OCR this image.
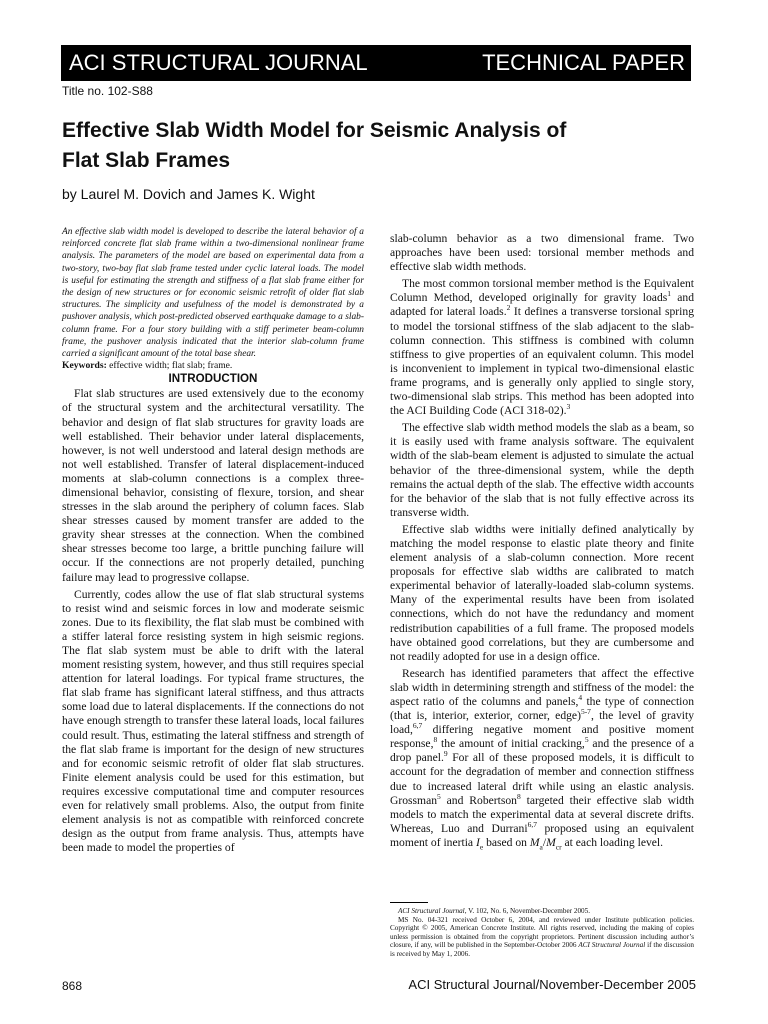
ACI STRUCTURAL JOURNAL	TECHNICAL PAPER
Title no. 102-S88
Effective Slab Width Model for Seismic Analysis of
Flat Slab Frames
by Laurel M. Dovich and James K. Wight

An effective slab width model is developed to describe the lateral behavior of a reinforced concrete flat slab frame within a two-dimensional nonlinear frame analysis. The parameters of the model are based on experimental data from a two-story, two-bay flat slab frame tested under cyclic lateral loads. The model is useful for estimating the strength and stiffness of a flat slab frame either for the design of new structures or for economic seismic retrofit of older flat slab structures. The simplicity and usefulness of the model is demonstrated by a pushover analysis, which post-predicted observed earthquake damage to a slab-column frame. For a four story building with a stiff perimeter beam-column frame, the pushover analysis indicated that the interior slab-column frame carried a significant amount of the total base shear.

Keywords: effective width; flat slab; frame.

INTRODUCTION

Flat slab structures are used extensively due to the economy of the structural system and the architectural versatility. The behavior and design of flat slab structures for gravity loads are well established. Their behavior under lateral displacements, however, is not well understood and lateral design methods are not well established. Transfer of lateral displacement-induced moments at slab-column connections is a complex three-dimensional behavior, consisting of flexure, torsion, and shear stresses in the slab around the periphery of column faces. Slab shear stresses caused by moment transfer are added to the gravity shear stresses at the connection. When the combined shear stresses become too large, a brittle punching failure will occur. If the connections are not properly detailed, punching failure may lead to progressive collapse.

Currently, codes allow the use of flat slab structural systems to resist wind and seismic forces in low and moderate seismic zones. Due to its flexibility, the flat slab must be combined with a stiffer lateral force resisting system in high seismic regions. The flat slab system must be able to drift with the lateral moment resisting system, however, and thus still requires special attention for lateral loadings. For typical frame structures, the flat slab frame has significant lateral stiffness, and thus attracts some load due to lateral displacements. If the connections do not have enough strength to transfer these lateral loads, local failures could result. Thus, estimating the lateral stiffness and strength of the flat slab frame is important for the design of new structures and for economic seismic retrofit of older flat slab structures. Finite element analysis could be used for this estimation, but requires excessive computational time and computer resources even for relatively small problems. Also, the output from finite element analysis is not as compatible with reinforced concrete design as the output from frame analysis. Thus, attempts have been made to model the properties of

slab-column behavior as a two dimensional frame. Two approaches have been used: torsional member methods and effective slab width methods.

The most common torsional member method is the Equivalent Column Method, developed originally for gravity loads$^1$ and adapted for lateral loads.$^2$ It defines a transverse torsional spring to model the torsional stiffness of the slab adjacent to the slab-column connection. This stiffness is combined with column stiffness to give properties of an equivalent column. This model is inconvenient to implement in typical two-dimensional elastic frame programs, and is generally only applied to single story, two-dimensional slab strips. This method has been adopted into the ACI Building Code (ACI 318-02).$^3$

The effective slab width method models the slab as a beam, so it is easily used with frame analysis software. The equivalent width of the slab-beam element is adjusted to simulate the actual behavior of the three-dimensional system, while the depth remains the actual depth of the slab. The effective width accounts for the behavior of the slab that is not fully effective across its transverse width.

Effective slab widths were initially defined analytically by matching the model response to elastic plate theory and finite element analysis of a slab-column connection. More recent proposals for effective slab widths are calibrated to match experimental behavior of laterally-loaded slab-column systems. Many of the experimental results have been from isolated connections, which do not have the redundancy and moment redistribution capabilities of a full frame. The proposed models have obtained good correlations, but they are cumbersome and not readily adopted for use in a design office.

Research has identified parameters that affect the effective slab width in determining strength and stiffness of the model: the aspect ratio of the columns and panels,$^4$ the type of connection (that is, interior, exterior, corner, edge)$^{5-7}$, the level of gravity load,$^{6,7}$ differing negative moment and positive moment response,$^8$ the amount of initial cracking,$^5$ and the presence of a drop panel.$^9$ For all of these proposed models, it is difficult to account for the degradation of member and connection stiffness due to increased lateral drift while using an elastic analysis. Grossman$^5$ and Robertson$^8$ targeted their effective slab width models to match the experimental data at several discrete drifts. Whereas, Luo and Durrani$^{6,7}$ proposed using an equivalent moment of inertia $I_e$ based on $M_a/M_{cr}$ at each loading level.

ACI Structural Journal, V. 102, No. 6, November-December 2005.

MS No. 04-321 received October 6, 2004, and reviewed under Institute publication policies. Copyright © 2005, American Concrete Institute. All rights reserved, including the making of copies unless permission is obtained from the copyright proprietors. Pertinent discussion including author’s closure, if any, will be published in the September-October 2006 ACI Structural Journal if the discussion is received by May 1, 2006.

868	ACI Structural Journal/November-December 2005
